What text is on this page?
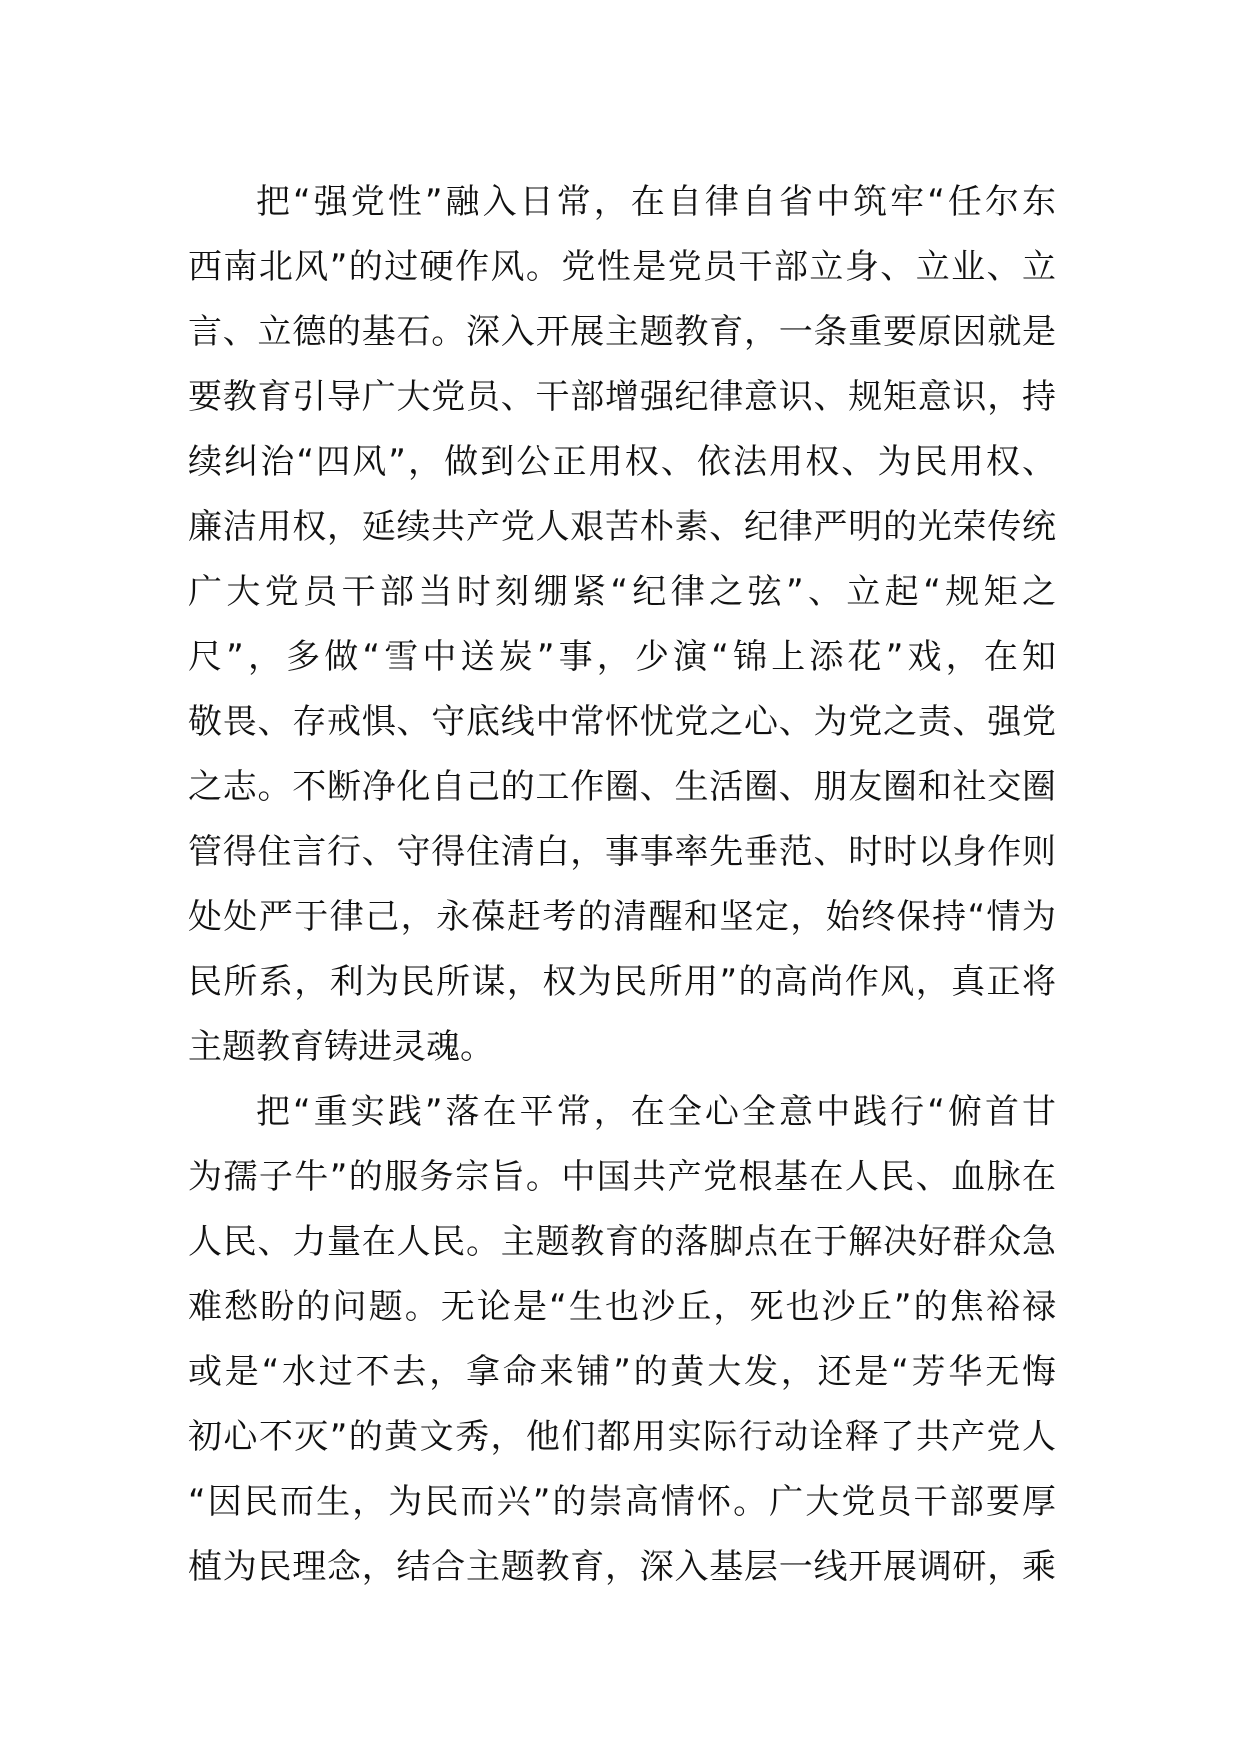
把“强党性”融入日常，在自律自省中筑牢“任尔东
西南北风”的过硬作风。党性是党员干部立身、立业、立
言、立德的基石。深入开展主题教育，一条重要原因就是
要教育引导广大党员、干部增强纪律意识、规矩意识，持
续纠治“四风”，做到公正用权、依法用权、为民用权、
廉洁用权，延续共产党人艰苦朴素、纪律严明的光荣传统
广大党员干部当时刻绷紧“纪律之弦”、立起“规矩之
尺”，多做“雪中送炭”事，少演“锦上添花”戏，在知
敬畏、存戒惧、守底线中常怀忧党之心、为党之责、强党
之志。不断净化自己的工作圈、生活圈、朋友圈和社交圈
管得住言行、守得住清白，事事率先垂范、时时以身作则
处处严于律己，永葆赶考的清醒和坚定，始终保持“情为
民所系，利为民所谋，权为民所用”的高尚作风，真正将
主题教育铸进灵魂。
把“重实践”落在平常，在全心全意中践行“俯首甘
为孺子牛”的服务宗旨。中国共产党根基在人民、血脉在
人民、力量在人民。主题教育的落脚点在于解决好群众急
难愁盼的问题。无论是“生也沙丘，死也沙丘”的焦裕禄
或是“水过不去，拿命来铺”的黄大发，还是“芳华无悔
初心不灭”的黄文秀，他们都用实际行动诠释了共产党人
“因民而生，为民而兴”的崇高情怀。广大党员干部要厚
植为民理念，结合主题教育，深入基层一线开展调研，乘
